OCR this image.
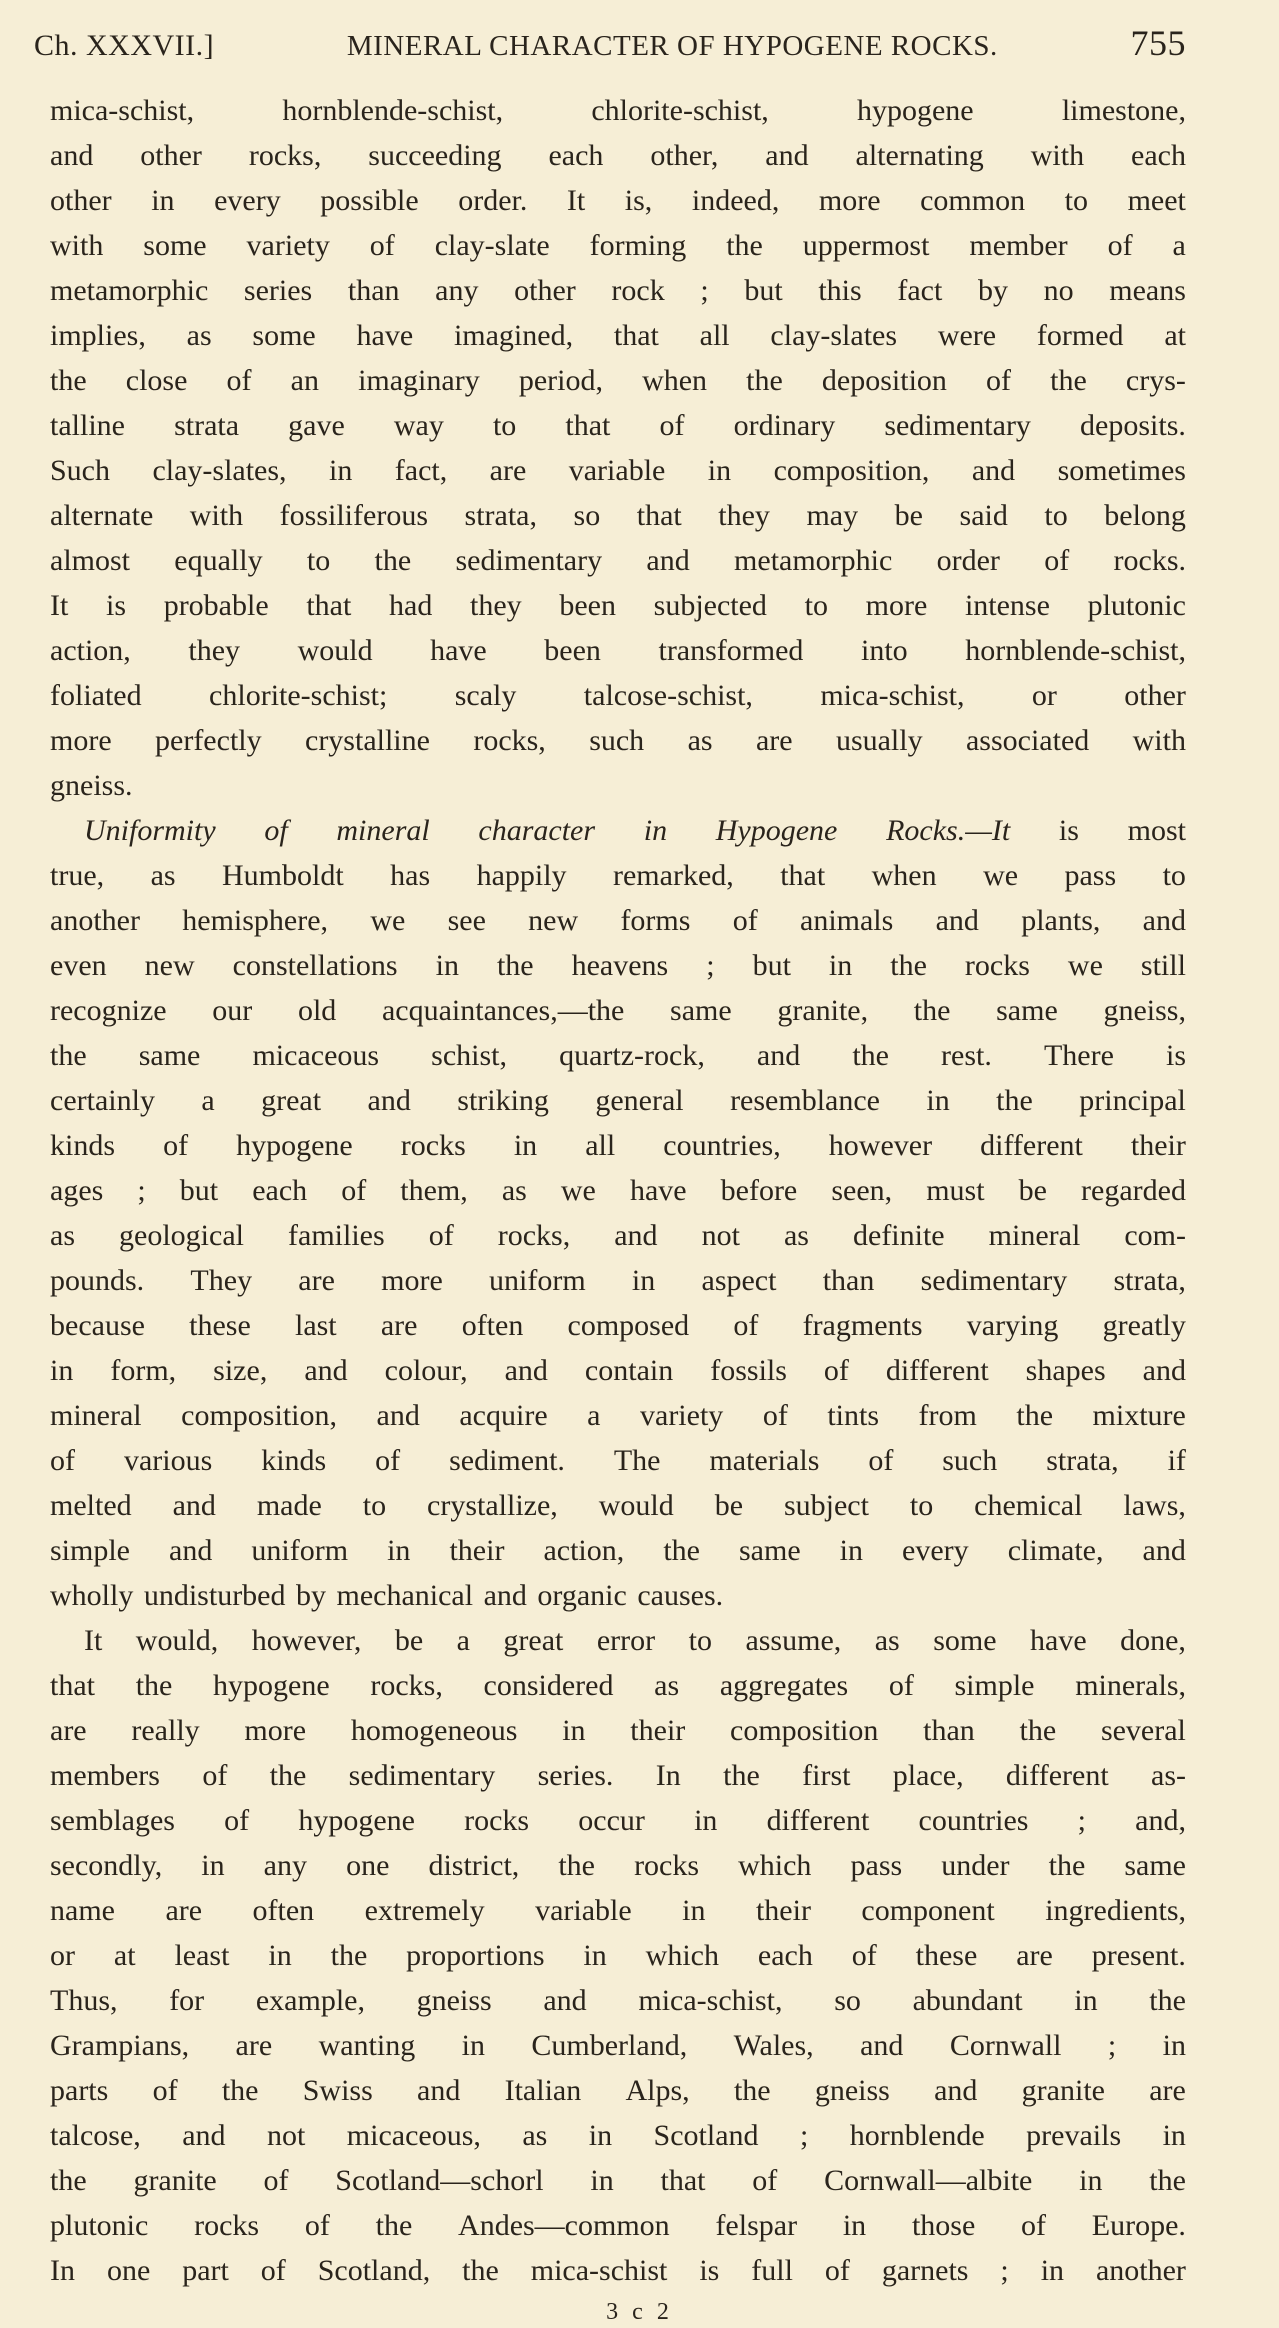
Ch. XXXVII.]	MINERAL CHARACTER OF HYPOGENE ROCKS.	755
mica-schist,	hornblende-schist,	chlorite-schist,	hypogene	limestone,
and other rocks, succeeding each other, and alternating with each
other in every possible order. It is, indeed, more common to meet
with some variety of clay-slate forming the uppermost member of a
metamorphic series than any other rock ; but this fact by no means
implies, as some have imagined, that all clay-slates were formed at
the close of an imaginary period, when the deposition of the crys-
talline strata gave way to that of ordinary sedimentary deposits.
Such clay-slates, in fact, are variable in composition, and sometimes
alternate with fossiliferous strata, so that they may be said to belong
almost equally to the sedimentary and metamorphic order of rocks.
It is probable that had they been subjected to more intense plutonic
action, they would have been transformed into hornblende-schist,
foliated chlorite-schist; scaly talcose-schist, mica-schist, or other
more perfectly crystalline rocks, such as are usually associated with
gneiss.
Uniformity of mineral character in Hypogene Rocks.—It is most
true, as Humboldt has happily remarked, that when we pass to
another hemisphere, we see new forms of animals and plants, and
even new constellations in the heavens ; but in the rocks we still
recognize our old acquaintances,—the same granite, the same gneiss,
the same micaceous schist, quartz-rock, and the rest. There is
certainly a great and striking general resemblance in the principal
kinds of hypogene rocks in all countries, however different their
ages ; but each of them, as we have before seen, must be regarded
as geological families of rocks, and not as definite mineral com-
pounds. They are more uniform in aspect than sedimentary strata,
because these last are often composed of fragments varying greatly
in form, size, and colour, and contain fossils of different shapes and
mineral composition, and acquire a variety of tints from the mixture
of various kinds of sediment. The materials of such strata, if
melted and made to crystallize, would be subject to chemical laws,
simple and uniform in their action, the same in every climate, and
wholly undisturbed by mechanical and organic causes.
It would, however, be a great error to assume, as some have done,
that the hypogene rocks, considered as aggregates of simple minerals,
are really more homogeneous in their composition than the several
members of the sedimentary series. In the first place, different as-
semblages of hypogene rocks occur in different countries ; and,
secondly, in any one district, the rocks which pass under the same
name are often extremely variable in their component ingredients,
or at least in the proportions in which each of these are present.
Thus, for example, gneiss and mica-schist, so abundant in the
Grampians, are wanting in Cumberland, Wales, and Cornwall ; in
parts of the Swiss and Italian Alps, the gneiss and granite are
talcose, and not micaceous, as in Scotland ; hornblende prevails in
the granite of Scotland—schorl in that of Cornwall—albite in the
plutonic rocks of the Andes—common felspar in those of Europe.
In one part of Scotland, the mica-schist is full of garnets ; in another
3 c 2
